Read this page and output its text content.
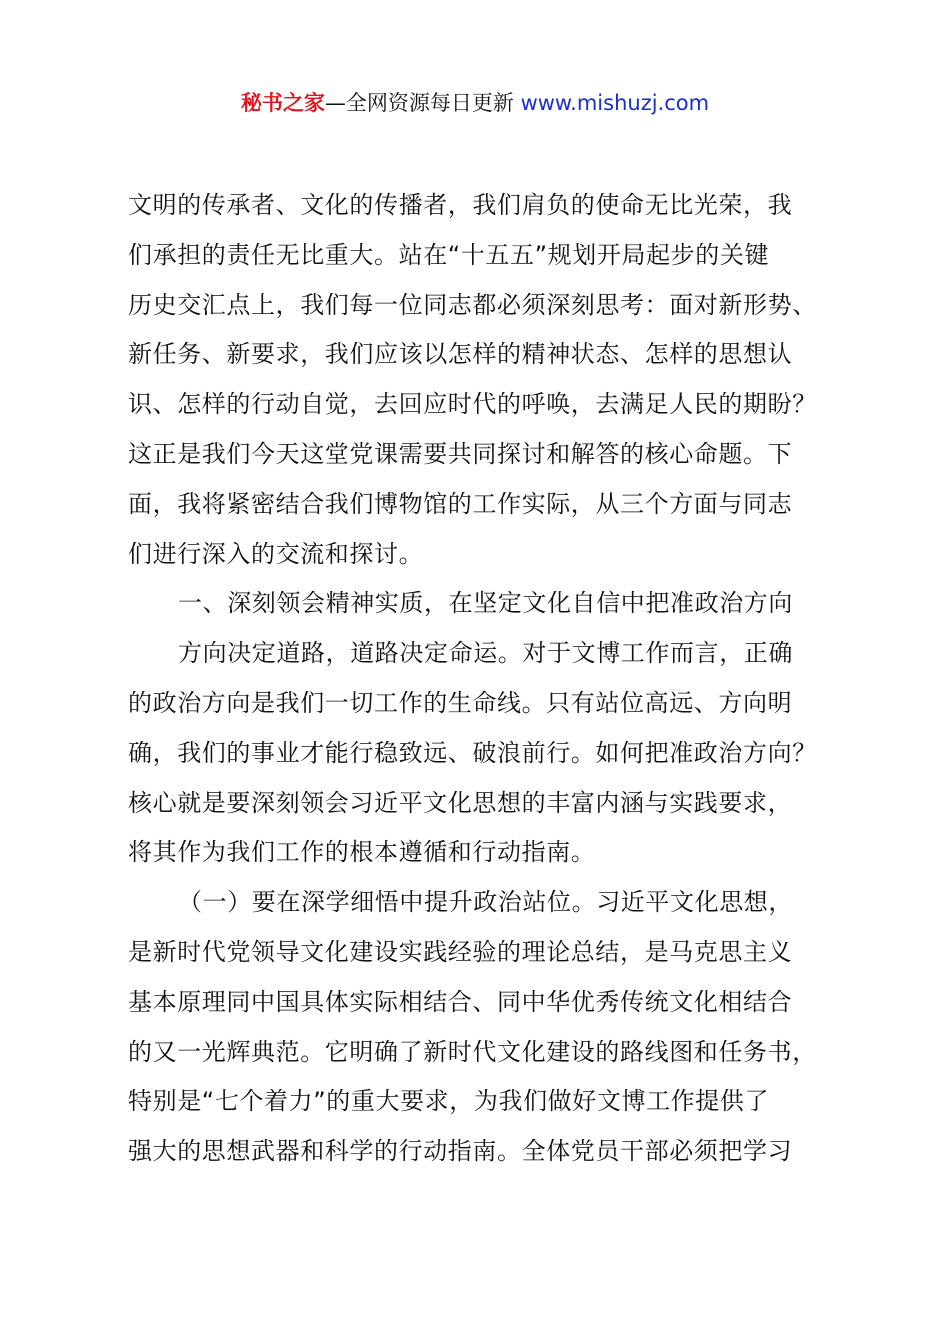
秘书之家—全网资源每日更新 www.mishuzj.com
文明的传承者、文化的传播者，我们肩负的使命无比光荣，我
们承担的责任无比重大。站在“十五五”规划开局起步的关键
历史交汇点上，我们每一位同志都必须深刻思考：面对新形势、
新任务、新要求，我们应该以怎样的精神状态、怎样的思想认
识、怎样的行动自觉，去回应时代的呼唤，去满足人民的期盼？
这正是我们今天这堂党课需要共同探讨和解答的核心命题。下
面，我将紧密结合我们博物馆的工作实际，从三个方面与同志
们进行深入的交流和探讨。
一、深刻领会精神实质，在坚定文化自信中把准政治方向
方向决定道路，道路决定命运。对于文博工作而言，正确
的政治方向是我们一切工作的生命线。只有站位高远、方向明
确，我们的事业才能行稳致远、破浪前行。如何把准政治方向？
核心就是要深刻领会习近平文化思想的丰富内涵与实践要求，
将其作为我们工作的根本遵循和行动指南。
（一）要在深学细悟中提升政治站位。习近平文化思想，
是新时代党领导文化建设实践经验的理论总结，是马克思主义
基本原理同中国具体实际相结合、同中华优秀传统文化相结合
的又一光辉典范。它明确了新时代文化建设的路线图和任务书，
特别是“七个着力”的重大要求，为我们做好文博工作提供了
强大的思想武器和科学的行动指南。全体党员干部必须把学习
